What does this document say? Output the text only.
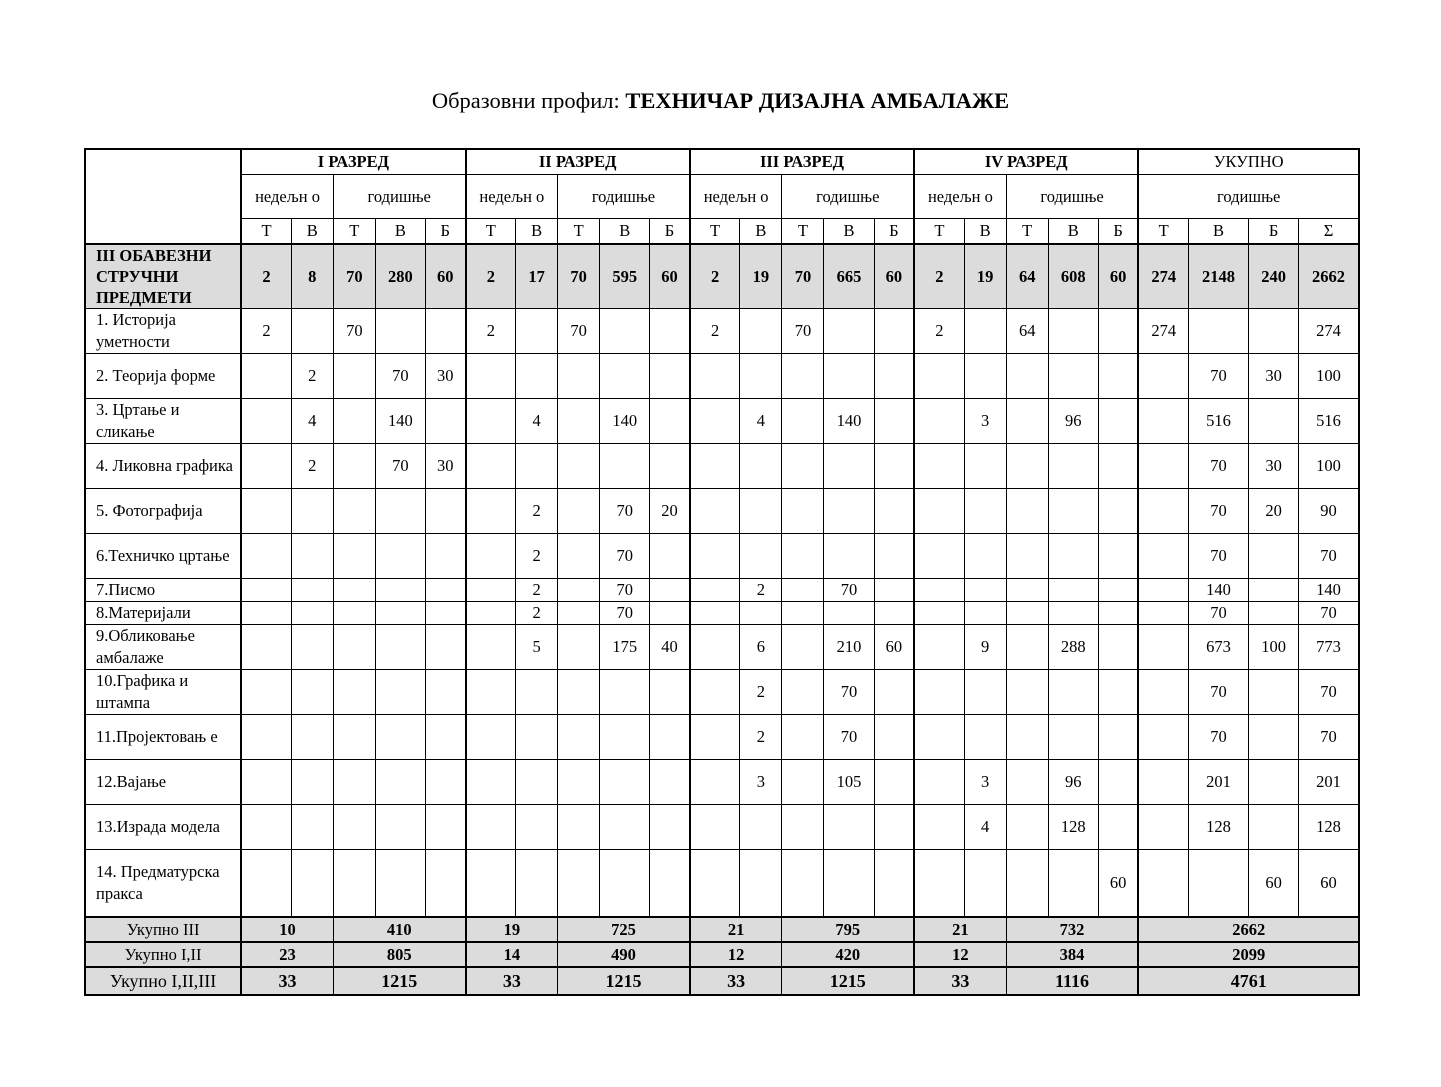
Образовни профил: ТЕХНИЧАР ДИЗАЈНА АМБАЛАЖЕ
	I РАЗРЕД					II РАЗРЕД					III РАЗРЕД					IV РАЗРЕД					УКУПНО			
	недељн о		годишње			недељн о		годишње			недељн о		годишње			недељн о		годишње			годишње			
	Т	В	Т	В	Б	Т	В	Т	В	Б	Т	В	Т	В	Б	Т	В	Т	В	Б	Т	В	Б	Σ
III ОБАВЕЗНИ СТРУЧНИ ПРЕДМЕТИ	2	8	70	280	60	2	17	70	595	60	2	19	70	665	60	2	19	64	608	60	274	2148	240	2662
1. Историја уметности	2		70			2		70			2		70			2		64			274			274
2. Теорија форме		2		70	30																	70	30	100
3. Цртање и сликање		4		140			4		140			4		140			3		96			516		516
4. Ликовна графика		2		70	30																	70	30	100
5. Фотографија							2		70	20												70	20	90
6.Техничко цртање							2		70													70		70
7.Писмо							2		70			2		70								140		140
8.Материјали							2		70													70		70
9.Обликовање амбалаже							5		175	40		6		210	60		9		288			673	100	773
10.Графика и штампа												2		70								70		70
11.Пројектовањ е												2		70								70		70
12.Вајање												3		105			3		96			201		201
13.Израда модела																	4		128			128		128
14. Предматурска пракса																				60			60	60
Укупно III	10		410			19		725			21		795			21		732			2662			
Укупно I,II	23		805			14		490			12		420			12		384			2099			
Укупно I,II,III	33		1215			33		1215			33		1215			33		1116			4761			
